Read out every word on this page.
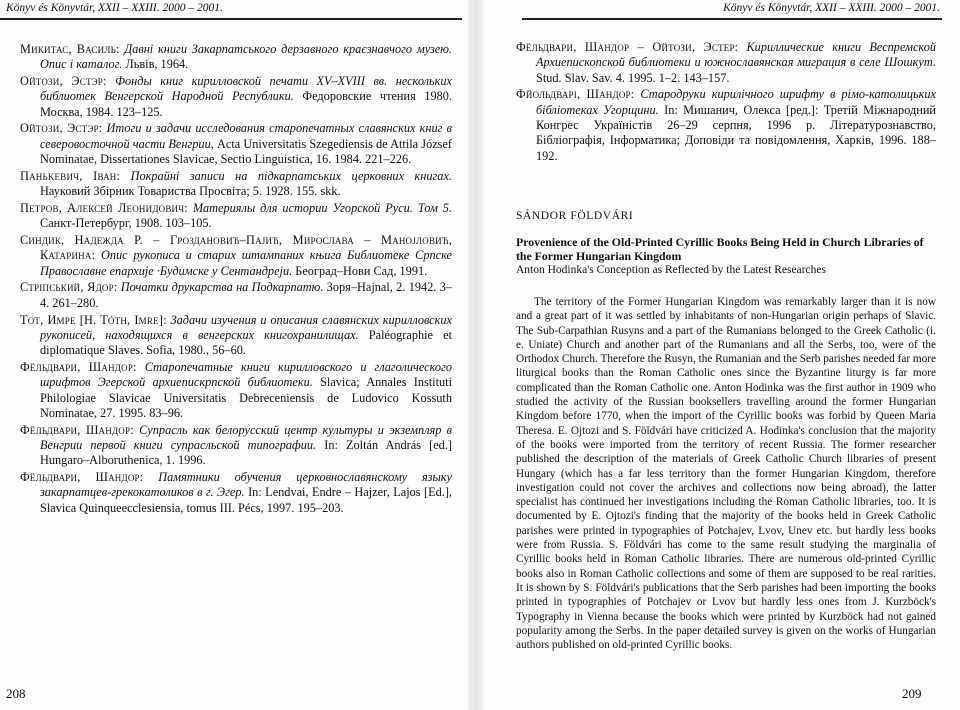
Könyv és Könyvtár, XXII – XXIII. 2000 – 2001.

Микитас, Василь: Давні книги Закарпатського дерзавного краєзнавчого музею. Опис і каталог. Львів, 1964.

Ойтози, Эстэр: Фонды книг кирилловской печати XV–XVIII вв. нескольких библиотек Венгерской Народной Республики. Федоровские чтения 1980. Москва, 1984. 123–125.

Ойтози, Эстэр: Итоги и задачи исследования старопечатных славянских книг в северовосточной части Венгрии, Acta Universitatis Szegediensis de Attila József Nominatae, Dissertationes Slavicae, Sectio Linguistica, 16. 1984. 221–226.

Паньkевич, Іван: Покрайні записи на підкарпатських церковних книгах. Науковий Збірник Товариства Просвіта; 5. 1928. 155. skk.

Петров, Алексей Леонидович: Материялы для истории Угорской Руси. Том 5. Санкт-Петербург, 1908. 103–105.

Синдик, Надежда Р. – Гроздановић–Пајић, Мирослава – Манојловић, Катарина: Опис рукописа и старих штампаних књига Библиотеке Српске Православне епархије ·Будимске у Сентандреји. Београд–Нови Сад, 1991.

Стрiпський, Ядор: Початки друкарства на Подкарпатю. Зоря–Hajnal, 2. 1942. 3–4. 261–280.

Тот, Имре [H. Tóth, Imre]: Задачи изучения и описания славянских кирилловских рукописей, находящихся в венгерских книгохранилищах. Paléographie et diplomatique Slaves. Sofia, 1980., 56–60.

Фёльдвари, Шандор: Старопечатные книги кирилловского и глаголического шрифтов Эгерской архиепискрпской библиотеки. Slavica; Annales Instituti Philologiae Slavicae Universitatis Debreceniensis de Ludovico Kossuth Nominatae, 27. 1995. 83–96.

Фёльдвари, Шандор: Супрасль как белорусский центр культуры и экземпляр в Венгрии первой книги супрасльской типографии. In: Zoltán András [ed.] Hungaro–Alboruthenica, 1. 1996.

Фёльдвари, Шандор: Памятники обучения церковнославянскому языку закарпатцев-грекокатоликов в г. Эгер. In: Lendvai, Endre – Hajzer, Lajos [Ed.], Slavica Quinqueecclesiensia, tomus III. Pécs, 1997. 195–203.

208
Könyv és Könyvtár, XXII – XXIII. 2000 – 2001.

Фёльдвари, Шандор – Ойтози, Эстер: Кириллические книги Веспремской Архиепископской библиотеки и южнославянская миграция в селе Шошкут. Stud. Slav. Sav. 4. 1995. 1–2. 143–157.

Фйольдварі, Шандор: Стародруки кирилічного шрифту в рімо-католицьких бібліотеках Угорщини. In: Мишанич, Олекса [ред.]: Третій Міжнародний Конгрес Україністів 26–29 серпня, 1996 р. Літературознавство, Бібліографія, Інформатика; Доповіди та повідомлення, Харків, 1996. 188–192.

SÁNDOR FÖLDVÁRI
Provenience of the Old-Printed Cyrillic Books Being Held in Church Libraries of the Former Hungarian Kingdom
Anton Hodinka's Conception as Reflected by the Latest Researches

The territory of the Former Hungarian Kingdom was remarkably larger than it is now and a great part of it was settled by inhabitants of non-Hungarian origin perhaps of Slavic. The Sub-Carpathian Rusyns and a part of the Rumanians belonged to the Greek Catholic (i. e. Uniate) Church and another part of the Rumanians and all the Serbs, too, were of the Orthodox Church. Therefore the Rusyn, the Rumanian and the Serb parishes needed far more liturgical books than the Roman Catholic ones since the Byzantine liturgy is far more complicated than the Roman Catholic one. Anton Hodinka was the first author in 1909 who studied the activity of the Russian booksellers travelling around the former Hungarian Kingdom before 1770, when the import of the Cyrillic books was forbid by Queen Maria Theresa. E. Ojtozi and S. Földvári have criticized A. Hodinka's conclusion that the majority of the books were imported from the territory of recent Russia. The former researcher published the description of the materials of Greek Catholic Church libraries of present Hungary (which has a far less territory than the former Hungarian Kingdom, therefore investigation could not cover the archives and collections now being abroad), the latter specialist has continued her investigations including the Roman Catholic libraries, too. It is documented by E. Ojtozi's finding that the majority of the books held in Greek Catholic parishes were printed in typographies of Potchajev, Lvov, Unev etc. but hardly less books were from Russia. S. Földvári has come to the same result studying the marginalia of Cyrillic books held in Roman Catholic libraries. There are numerous old-printed Cyrillic books also in Roman Catholic collections and some of them are supposed to be real rarities. It is shown by S. Földvári's publications that the Serb parishes had been importing the books printed in typographies of Potchajev or Lvov but hardly less ones from J. Kurzböck's Typography in Vienna because the books which were printed by Kurzböck had not gained popularity among the Serbs. In the paper detailed survey is given on the works of Hungarian authors published on old-printed Cyrillic books.

209
